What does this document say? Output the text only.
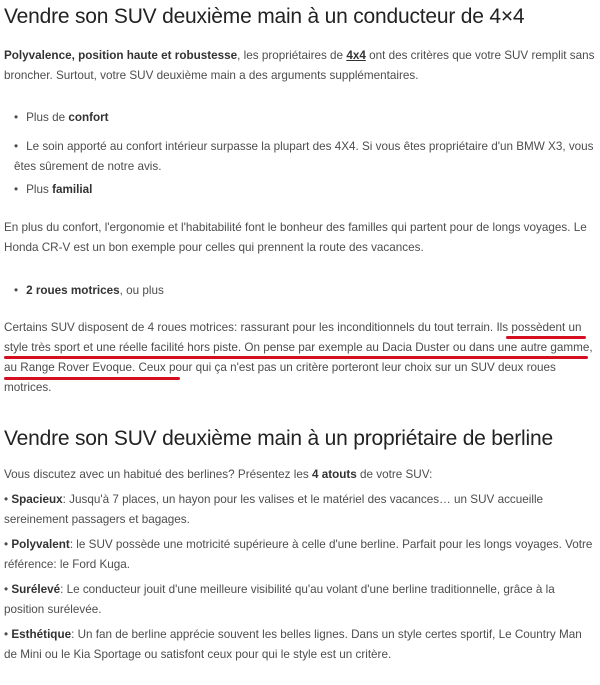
Vendre son SUV deuxième main à un conducteur de 4×4

Polyvalence, position haute et robustesse, les propriétaires de 4x4 ont des critères que votre SUV remplit sans broncher. Surtout, votre SUV deuxième main a des arguments supplémentaires.

• Plus de confort

• Le soin apporté au confort intérieur surpasse la plupart des 4X4. Si vous êtes propriétaire d'un BMW X3, vous êtes sûrement de notre avis.

• Plus familial

En plus du confort, l'ergonomie et l'habitabilité font le bonheur des familles qui partent pour de longs voyages. Le Honda CR-V est un bon exemple pour celles qui prennent la route des vacances.

• 2 roues motrices, ou plus

Certains SUV disposent de 4 roues motrices: rassurant pour les inconditionnels du tout terrain. Ils possèdent un style très sport et une réelle facilité hors piste. On pense par exemple au Dacia Duster ou dans une autre gamme, au Range Rover Evoque. Ceux pour qui ça n'est pas un critère porteront leur choix sur un SUV deux roues motrices.

Vendre son SUV deuxième main à un propriétaire de berline

Vous discutez avec un habitué des berlines? Présentez les 4 atouts de votre SUV:

• Spacieux: Jusqu'à 7 places, un hayon pour les valises et le matériel des vacances… un SUV accueille sereinement passagers et bagages.

• Polyvalent: le SUV possède une motricité supérieure à celle d'une berline. Parfait pour les longs voyages. Votre référence: le Ford Kuga.

• Surélevé: Le conducteur jouit d'une meilleure visibilité qu'au volant d'une berline traditionnelle, grâce à la position surélevée.

• Esthétique: Un fan de berline apprécie souvent les belles lignes. Dans un style certes sportif, Le Country Man de Mini ou le Kia Sportage ou satisfont ceux pour qui le style est un critère.
